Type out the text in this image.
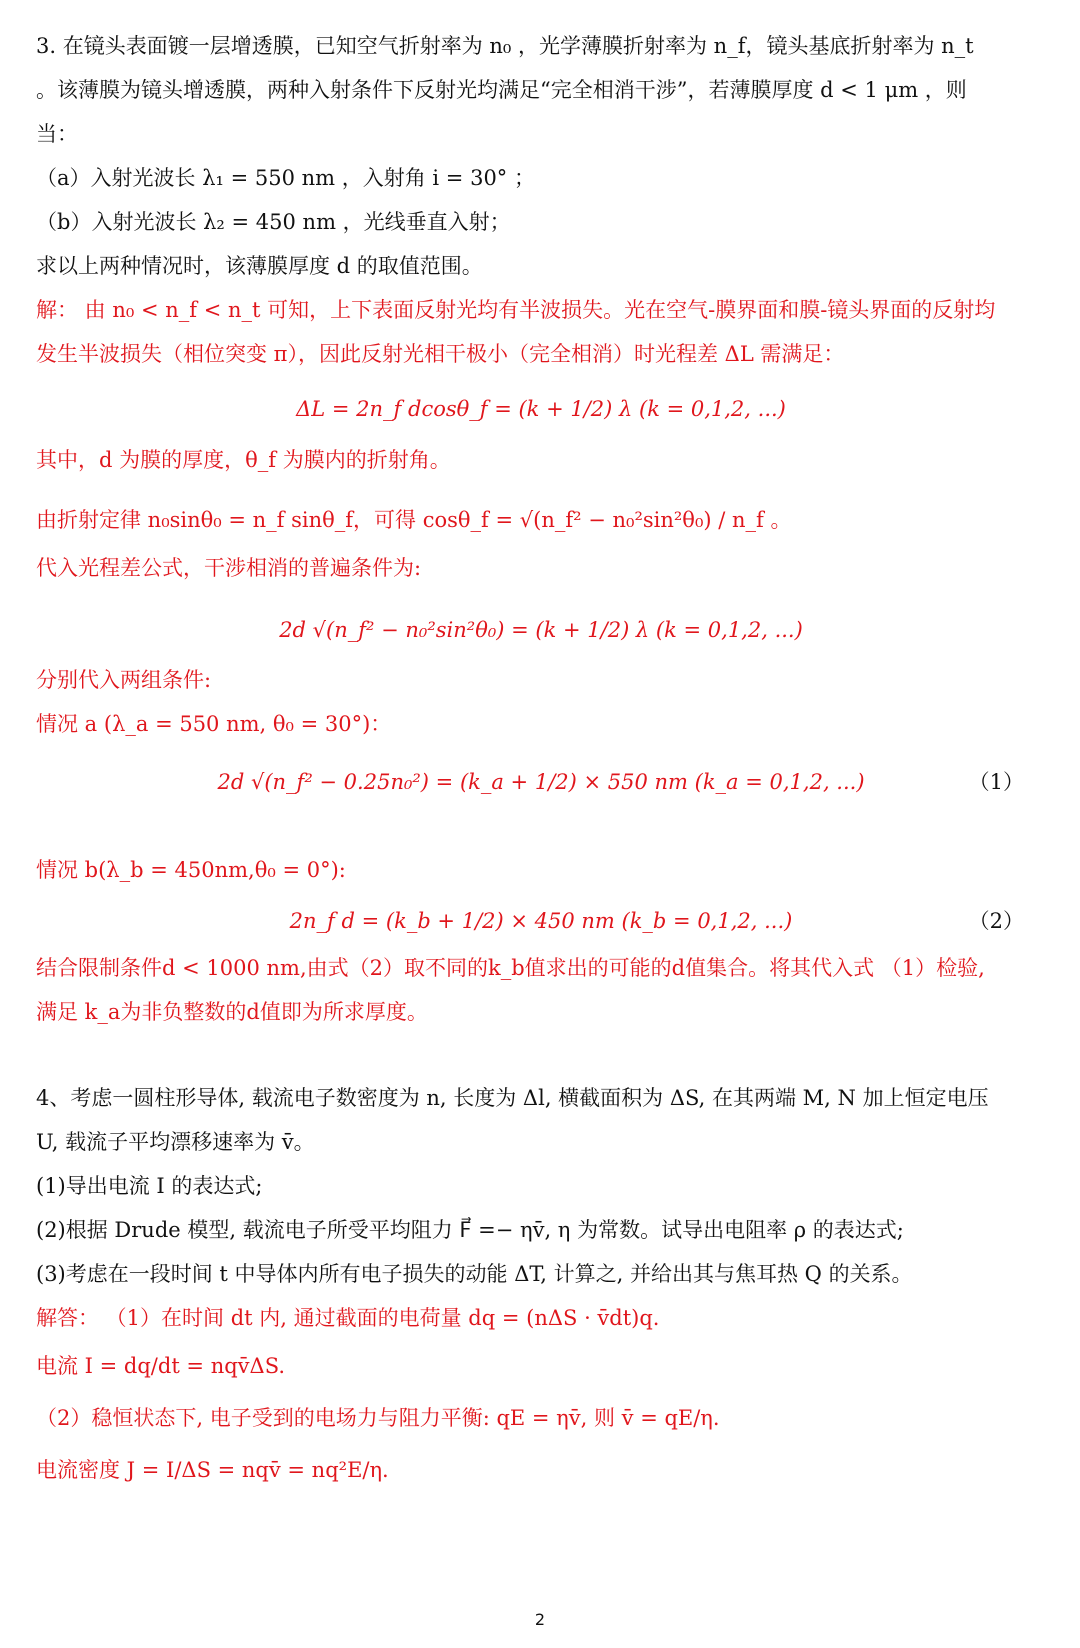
3. 在镜头表面镀一层增透膜，已知空气折射率为 n₀ ，光学薄膜折射率为 n_f，镜头基底折射率为 n_t
。该薄膜为镜头增透膜，两种入射条件下反射光均满足“完全相消干涉”，若薄膜厚度 d < 1 μm ，则
当：
（a）入射光波长 λ₁ = 550 nm ，入射角 i = 30° ；
（b）入射光波长 λ₂ = 450 nm ，光线垂直入射；
求以上两种情况时，该薄膜厚度 d 的取值范围。
解： 由 n₀ < n_f < n_t 可知，上下表面反射光均有半波损失。光在空气-膜界面和膜-镜头界面的反射均
发生半波损失（相位突变 π），因此反射光相干极小（完全相消）时光程差 ΔL 需满足：
ΔL = 2n_f dcosθ_f = (k + 1/2) λ (k = 0,1,2, ...)
其中，d 为膜的厚度，θ_f 为膜内的折射角。
由折射定律 n₀sinθ₀ = n_f sinθ_f，可得 cosθ_f = √(n_f² − n₀²sin²θ₀) / n_f 。
代入光程差公式，干涉相消的普遍条件为:
2d √(n_f² − n₀²sin²θ₀) = (k + 1/2) λ (k = 0,1,2, ...)
分别代入两组条件:
情况 a (λ_a = 550 nm, θ₀ = 30°)：
2d √(n_f² − 0.25n₀²) = (k_a + 1/2) × 550 nm (k_a = 0,1,2, ...)	（1）
情况 b(λ_b = 450nm,θ₀ = 0°):
2n_f d = (k_b + 1/2) × 450 nm (k_b = 0,1,2, ...)	（2）
结合限制条件d < 1000 nm,由式（2）取不同的k_b值求出的可能的d值集合。将其代入式 （1）检验,
满足 k_a为非负整数的d值即为所求厚度。
4、考虑一圆柱形导体, 载流电子数密度为 n, 长度为 Δl, 横截面积为 ΔS, 在其两端 M, N 加上恒定电压
U, 载流子平均漂移速率为 v̄。
(1)导出电流 I 的表达式;
(2)根据 Drude 模型, 载流电子所受平均阻力 F⃗ =− ηv̄, η 为常数。试导出电阻率 ρ 的表达式;
(3)考虑在一段时间 t 中导体内所有电子损失的动能 ΔT, 计算之, 并给出其与焦耳热 Q 的关系。
解答： （1）在时间 dt 内, 通过截面的电荷量 dq = (nΔS · v̄dt)q.
电流 I = dq/dt = nqv̄ΔS.
（2）稳恒状态下, 电子受到的电场力与阻力平衡: qE = ηv̄, 则 v̄ = qE/η.
电流密度 J = I/ΔS = nqv̄ = nq²E/η.
2
